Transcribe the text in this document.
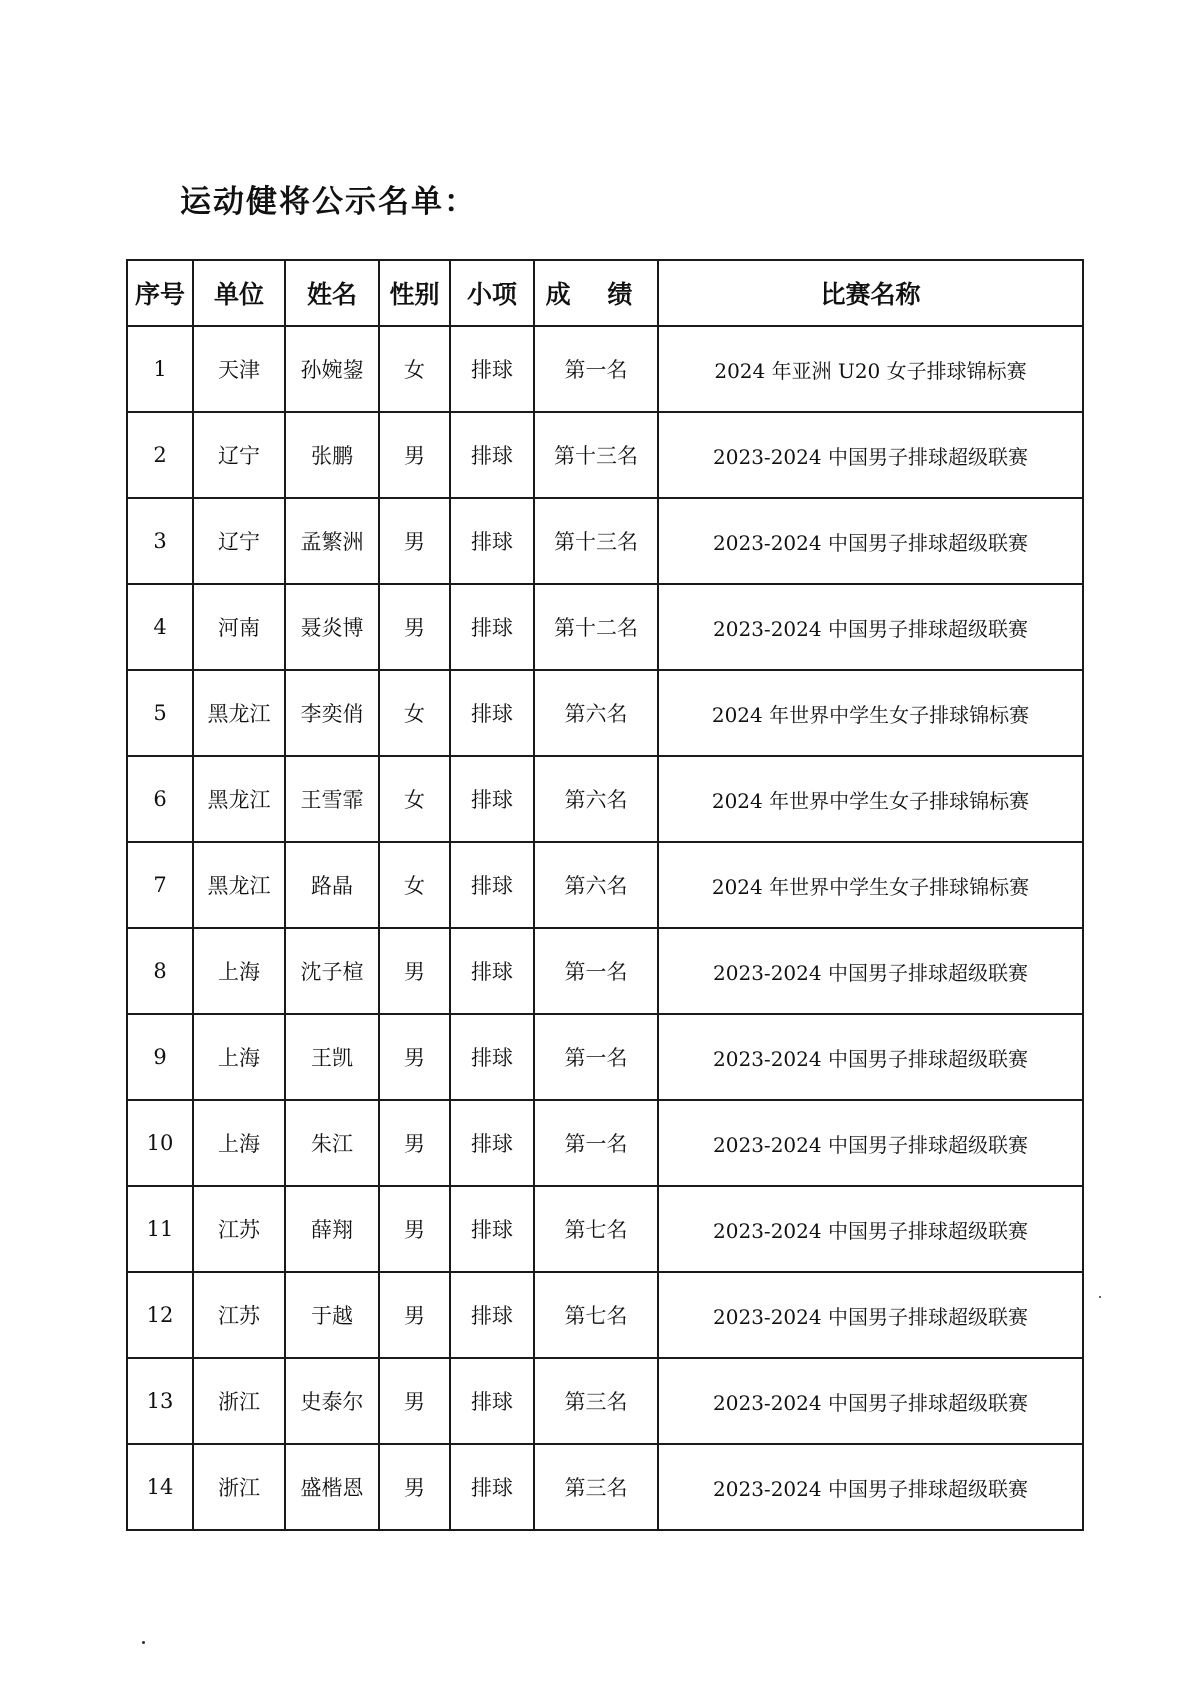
运动健将公示名单：
序号	单位	姓名	性别	小项	成 绩	比赛名称
1	天津	孙婉鋆	女	排球	第一名	2024 年亚洲 U20 女子排球锦标赛
2	辽宁	张鹏	男	排球	第十三名	2023-2024 中国男子排球超级联赛
3	辽宁	孟繁洲	男	排球	第十三名	2023-2024 中国男子排球超级联赛
4	河南	聂炎博	男	排球	第十二名	2023-2024 中国男子排球超级联赛
5	黑龙江	李奕俏	女	排球	第六名	2024 年世界中学生女子排球锦标赛
6	黑龙江	王雪霏	女	排球	第六名	2024 年世界中学生女子排球锦标赛
7	黑龙江	路晶	女	排球	第六名	2024 年世界中学生女子排球锦标赛
8	上海	沈子楦	男	排球	第一名	2023-2024 中国男子排球超级联赛
9	上海	王凯	男	排球	第一名	2023-2024 中国男子排球超级联赛
10	上海	朱江	男	排球	第一名	2023-2024 中国男子排球超级联赛
11	江苏	薛翔	男	排球	第七名	2023-2024 中国男子排球超级联赛
12	江苏	于越	男	排球	第七名	2023-2024 中国男子排球超级联赛
13	浙江	史泰尔	男	排球	第三名	2023-2024 中国男子排球超级联赛
14	浙江	盛楷恩	男	排球	第三名	2023-2024 中国男子排球超级联赛
